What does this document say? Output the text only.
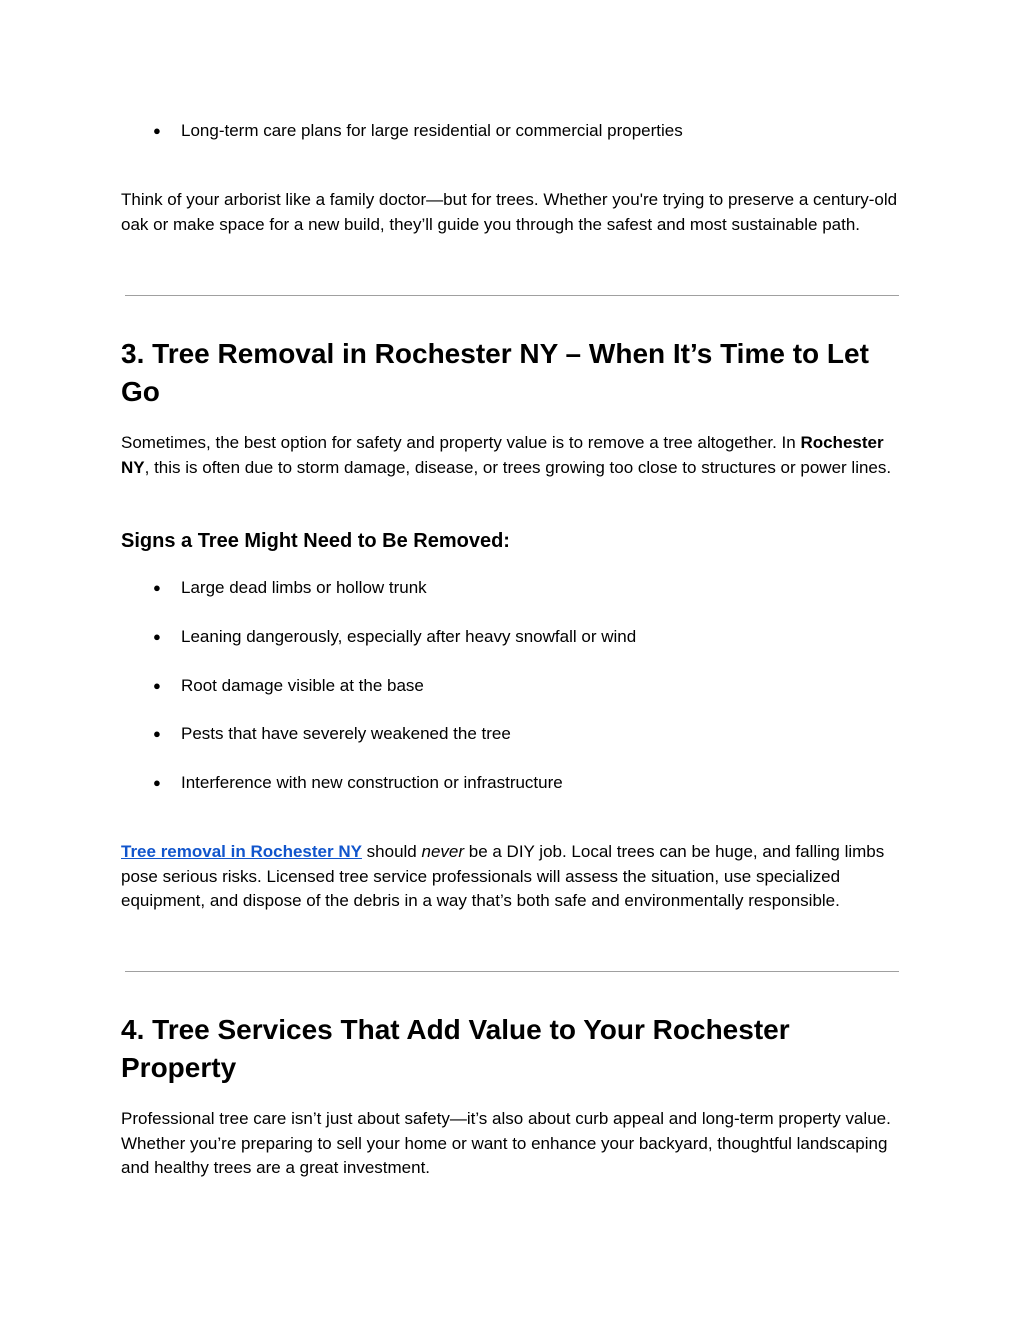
● Long-term care plans for large residential or commercial properties

Think of your arborist like a family doctor—but for trees. Whether you're trying to preserve a century-old oak or make space for a new build, they’ll guide you through the safest and most sustainable path.

3. Tree Removal in Rochester NY – When It’s Time to Let Go

Sometimes, the best option for safety and property value is to remove a tree altogether. In Rochester NY, this is often due to storm damage, disease, or trees growing too close to structures or power lines.

Signs a Tree Might Need to Be Removed:
● Large dead limbs or hollow trunk
● Leaning dangerously, especially after heavy snowfall or wind
● Root damage visible at the base
● Pests that have severely weakened the tree
● Interference with new construction or infrastructure

Tree removal in Rochester NY should never be a DIY job. Local trees can be huge, and falling limbs pose serious risks. Licensed tree service professionals will assess the situation, use specialized equipment, and dispose of the debris in a way that’s both safe and environmentally responsible.

4. Tree Services That Add Value to Your Rochester Property

Professional tree care isn’t just about safety—it’s also about curb appeal and long-term property value. Whether you’re preparing to sell your home or want to enhance your backyard, thoughtful landscaping and healthy trees are a great investment.
